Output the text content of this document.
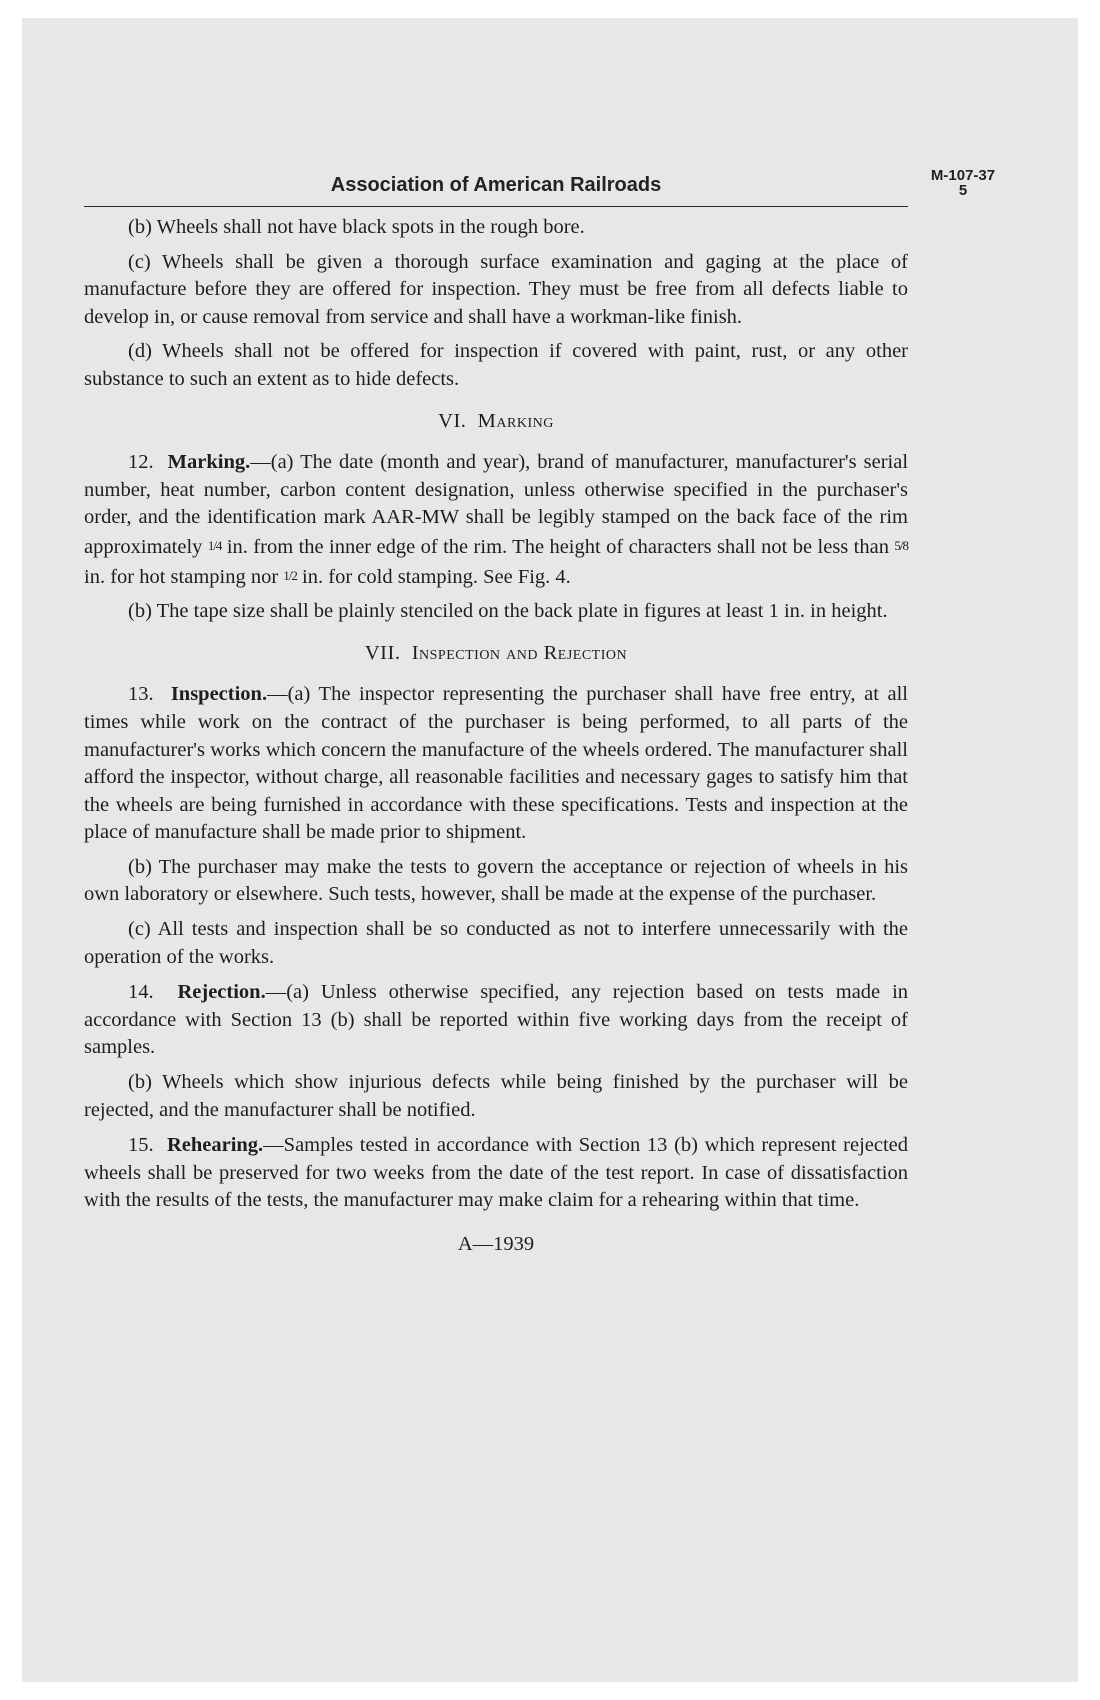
Association of American Railroads	M-107-37
5

(b) Wheels shall not have black spots in the rough bore.

(c) Wheels shall be given a thorough surface examination and gaging at the place of manufacture before they are offered for inspection. They must be free from all defects liable to develop in, or cause removal from service and shall have a workman-like finish.

(d) Wheels shall not be offered for inspection if covered with paint, rust, or any other substance to such an extent as to hide defects.

VI. Marking

12. Marking.—(a) The date (month and year), brand of manufacturer, manufacturer's serial number, heat number, carbon content designation, unless otherwise specified in the purchaser's order, and the identification mark AAR-MW shall be legibly stamped on the back face of the rim approximately 1/4 in. from the inner edge of the rim. The height of characters shall not be less than 5/8 in. for hot stamping nor 1/2 in. for cold stamping. See Fig. 4.

(b) The tape size shall be plainly stenciled on the back plate in figures at least 1 in. in height.

VII. Inspection and Rejection

13. Inspection.—(a) The inspector representing the purchaser shall have free entry, at all times while work on the contract of the purchaser is being performed, to all parts of the manufacturer's works which concern the manufacture of the wheels ordered. The manufacturer shall afford the inspector, without charge, all reasonable facilities and necessary gages to satisfy him that the wheels are being furnished in accordance with these specifications. Tests and inspection at the place of manufacture shall be made prior to shipment.

(b) The purchaser may make the tests to govern the acceptance or rejection of wheels in his own laboratory or elsewhere. Such tests, however, shall be made at the expense of the purchaser.

(c) All tests and inspection shall be so conducted as not to interfere unnecessarily with the operation of the works.

14. Rejection.—(a) Unless otherwise specified, any rejection based on tests made in accordance with Section 13 (b) shall be reported within five working days from the receipt of samples.

(b) Wheels which show injurious defects while being finished by the purchaser will be rejected, and the manufacturer shall be notified.

15. Rehearing.—Samples tested in accordance with Section 13 (b) which represent rejected wheels shall be preserved for two weeks from the date of the test report. In case of dissatisfaction with the results of the tests, the manufacturer may make claim for a rehearing within that time.

A—1939
